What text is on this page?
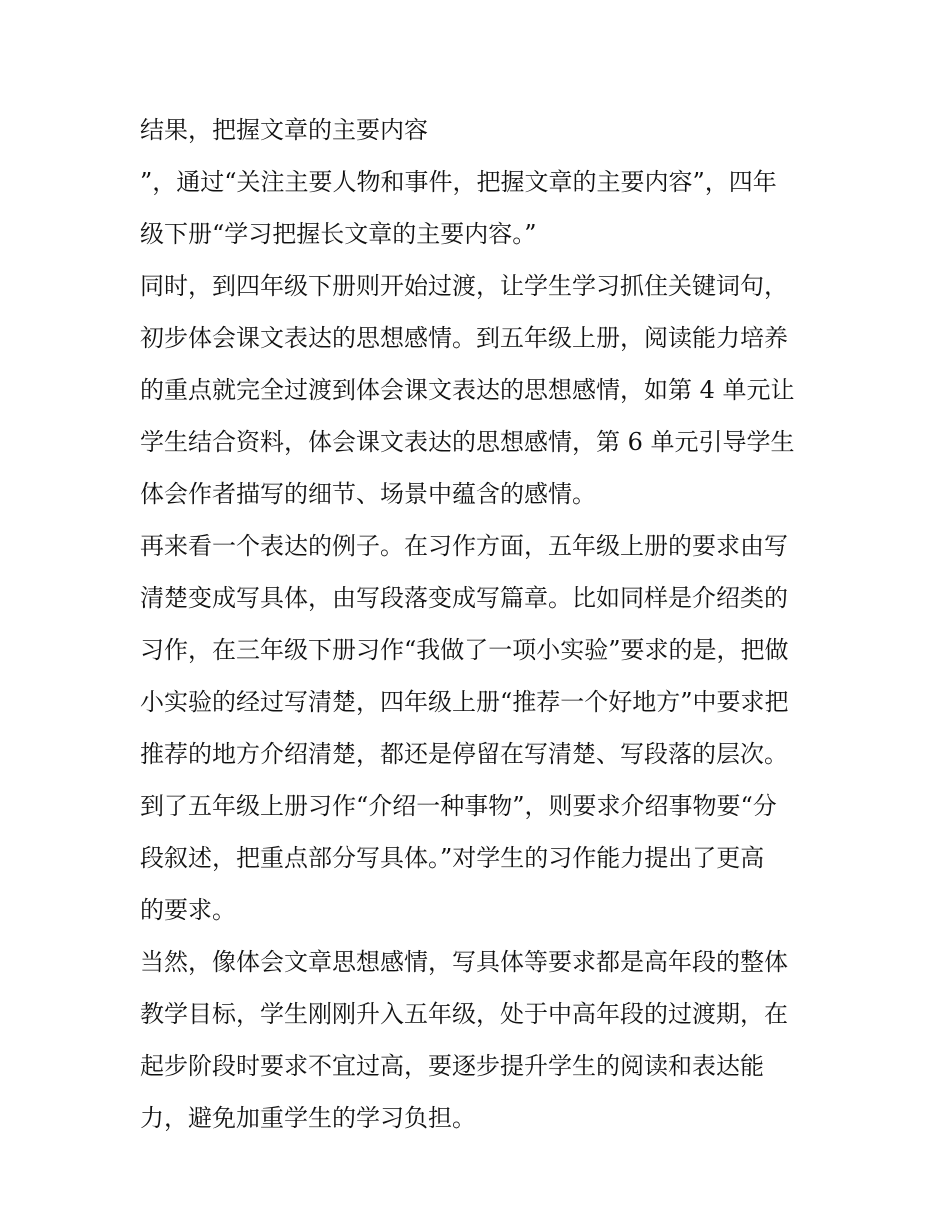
结果，把握文章的主要内容
”，通过“关注主要人物和事件，把握文章的主要内容”，四年
级下册“学习把握长文章的主要内容。”
同时，到四年级下册则开始过渡，让学生学习抓住关键词句，
初步体会课文表达的思想感情。到五年级上册，阅读能力培养
的重点就完全过渡到体会课文表达的思想感情，如第 4 单元让
学生结合资料，体会课文表达的思想感情，第 6 单元引导学生
体会作者描写的细节、场景中蕴含的感情。
再来看一个表达的例子。在习作方面，五年级上册的要求由写
清楚变成写具体，由写段落变成写篇章。比如同样是介绍类的
习作，在三年级下册习作“我做了一项小实验”要求的是，把做
小实验的经过写清楚，四年级上册“推荐一个好地方”中要求把
推荐的地方介绍清楚，都还是停留在写清楚、写段落的层次。
到了五年级上册习作“介绍一种事物”，则要求介绍事物要“分
段叙述，把重点部分写具体。”对学生的习作能力提出了更高
的要求。
当然，像体会文章思想感情，写具体等要求都是高年段的整体
教学目标，学生刚刚升入五年级，处于中高年段的过渡期，在
起步阶段时要求不宜过高，要逐步提升学生的阅读和表达能
力，避免加重学生的学习负担。
